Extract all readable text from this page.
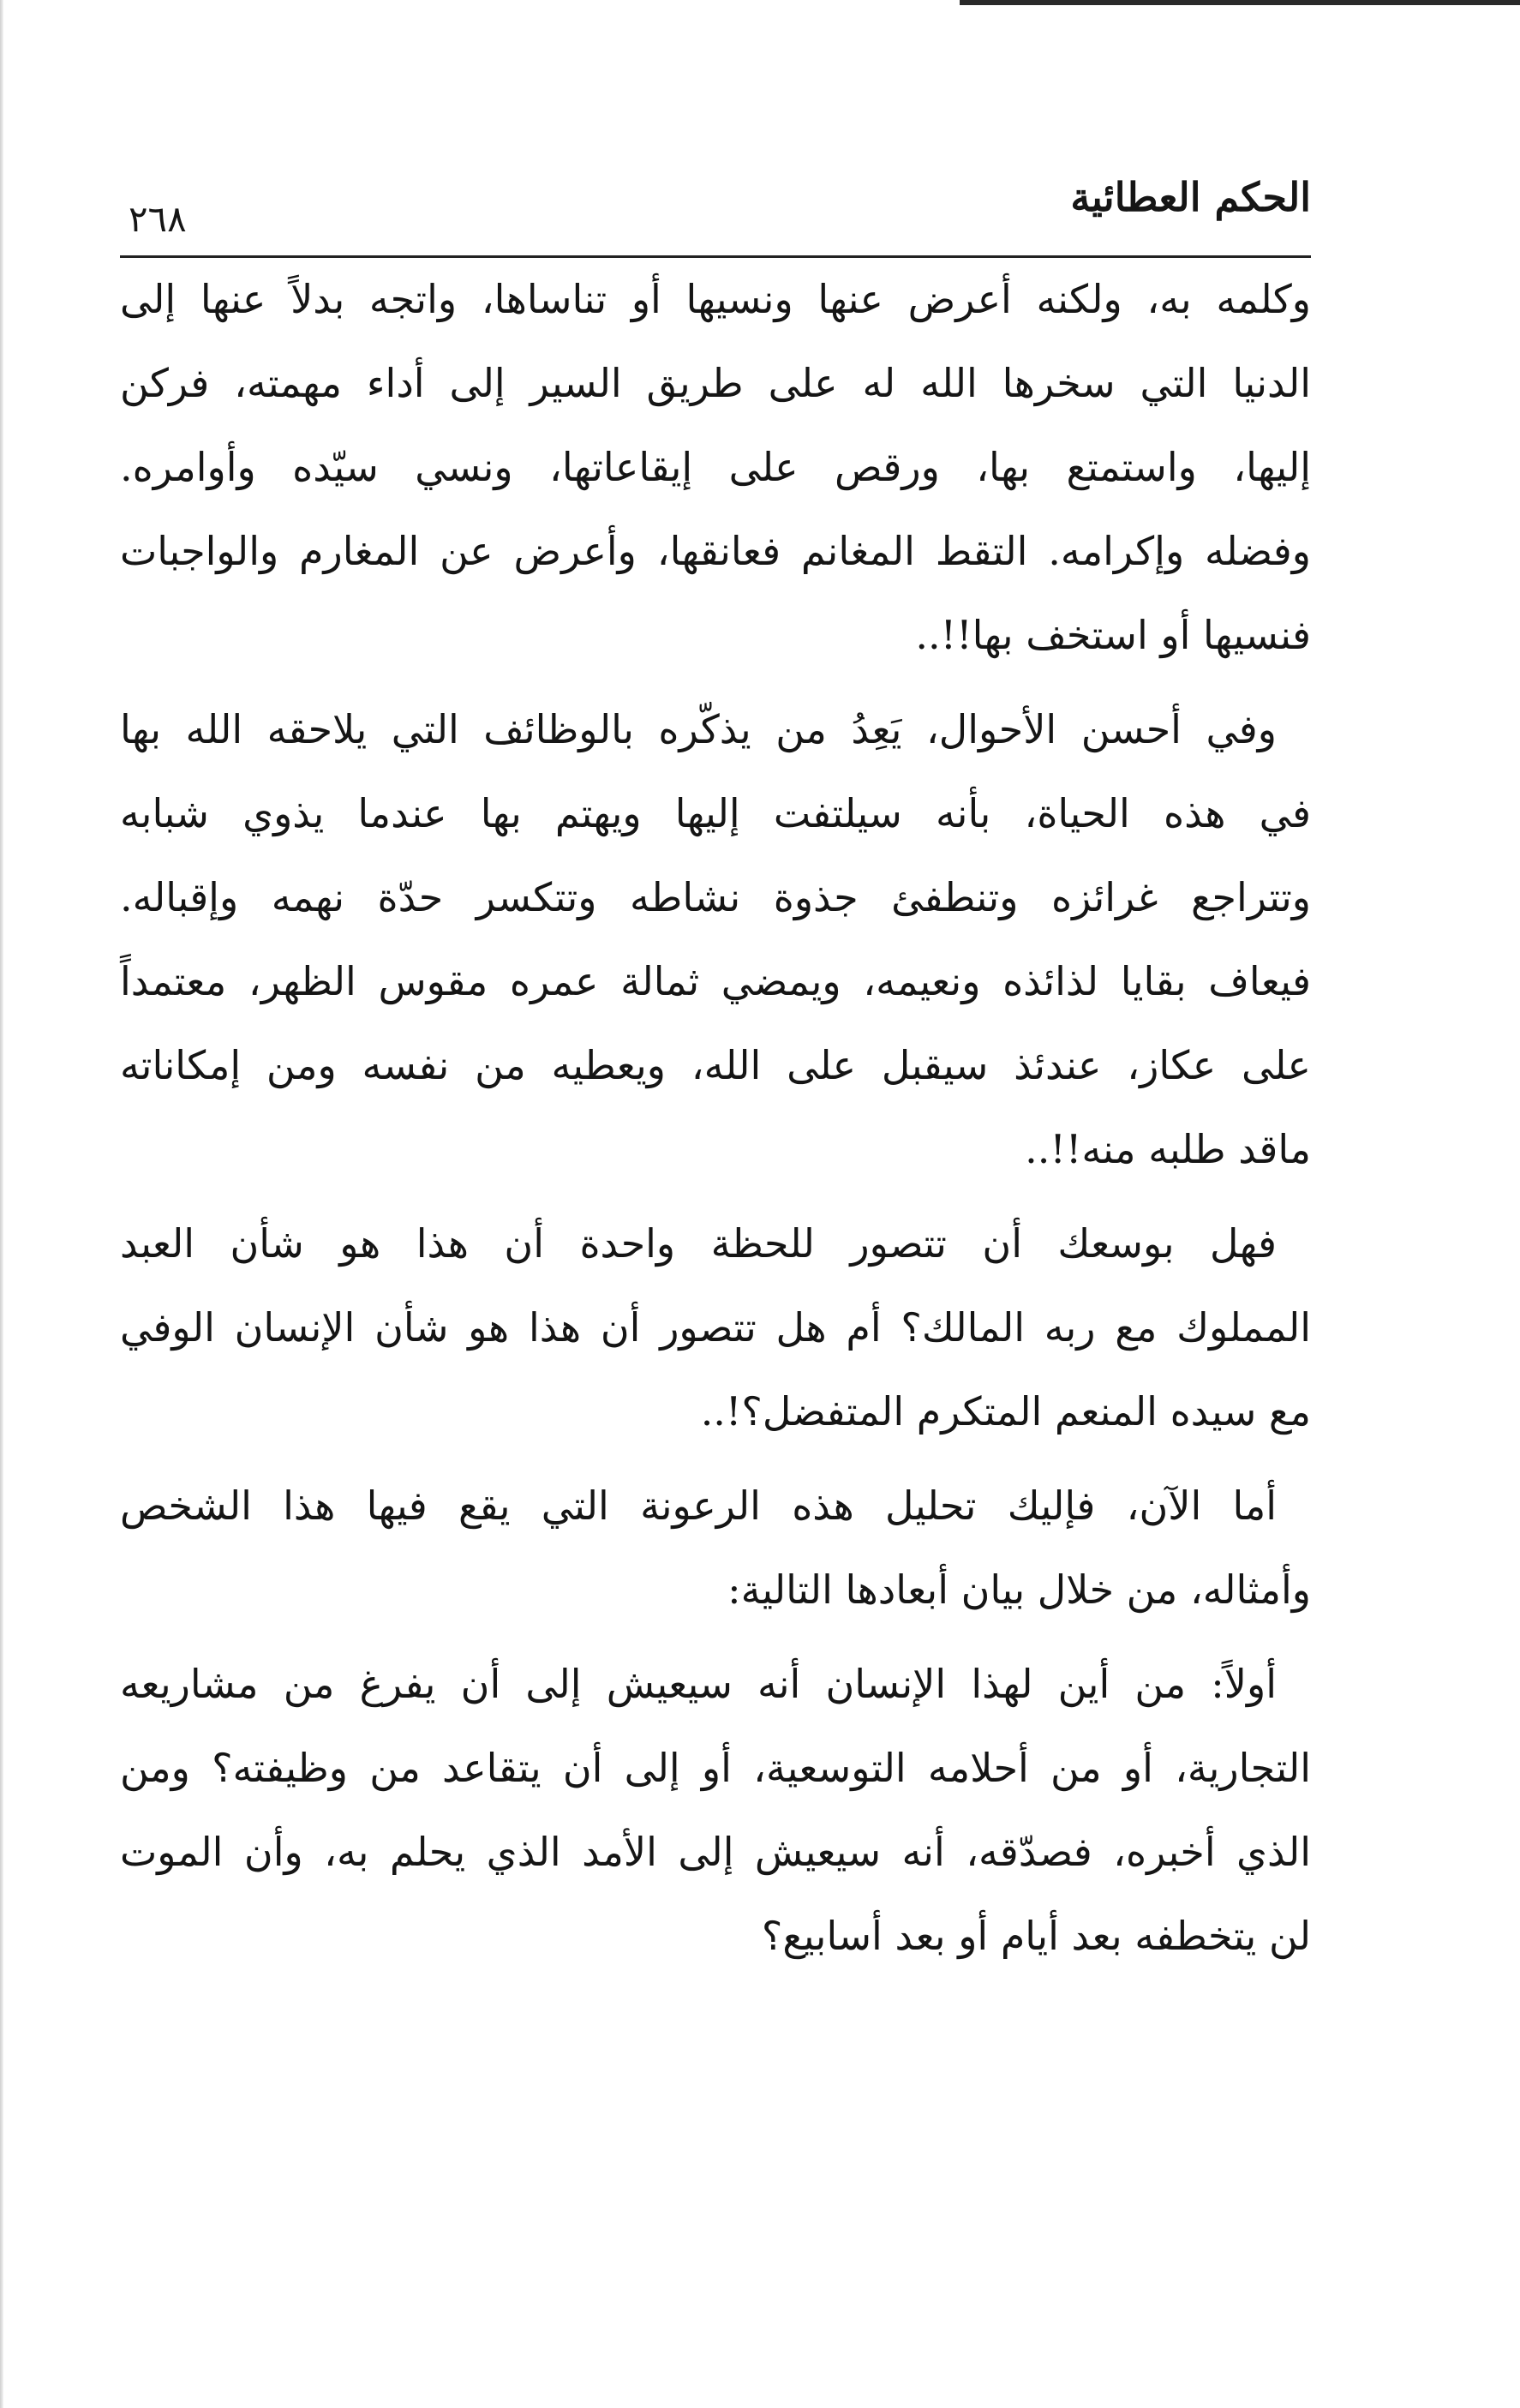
الحكم العطائية
٢٦٨
وكلمه به، ولكنه أعرض عنها ونسيها أو تناساها، واتجه بدلاً عنها إلى
الدنيا التي سخرها الله له على طريق السير إلى أداء مهمته، فركن
إليها، واستمتع بها، ورقص على إيقاعاتها، ونسي سيّده وأوامره.
وفضله وإكرامه. التقط المغانم فعانقها، وأعرض عن المغارم والواجبات
فنسيها أو استخف بها!!..
وفي أحسن الأحوال، يَعِدُ من يذكّره بالوظائف التي يلاحقه الله بها
في هذه الحياة، بأنه سيلتفت إليها ويهتم بها عندما يذوي شبابه
وتتراجع غرائزه وتنطفئ جذوة نشاطه وتتكسر حدّة نهمه وإقباله.
فيعاف بقايا لذائذه ونعيمه، ويمضي ثمالة عمره مقوس الظهر، معتمداً
على عكاز، عندئذ سيقبل على الله، ويعطيه من نفسه ومن إمكاناته
ماقد طلبه منه!!..
فهل بوسعك أن تتصور للحظة واحدة أن هذا هو شأن العبد
المملوك مع ربه المالك؟ أم هل تتصور أن هذا هو شأن الإنسان الوفي
مع سيده المنعم المتكرم المتفضل؟!..
أما الآن، فإليك تحليل هذه الرعونة التي يقع فيها هذا الشخص
وأمثاله، من خلال بيان أبعادها التالية:
أولاً: من أين لهذا الإنسان أنه سيعيش إلى أن يفرغ من مشاريعه
التجارية، أو من أحلامه التوسعية، أو إلى أن يتقاعد من وظيفته؟ ومن
الذي أخبره، فصدّقه، أنه سيعيش إلى الأمد الذي يحلم به، وأن الموت
لن يتخطفه بعد أيام أو بعد أسابيع؟
